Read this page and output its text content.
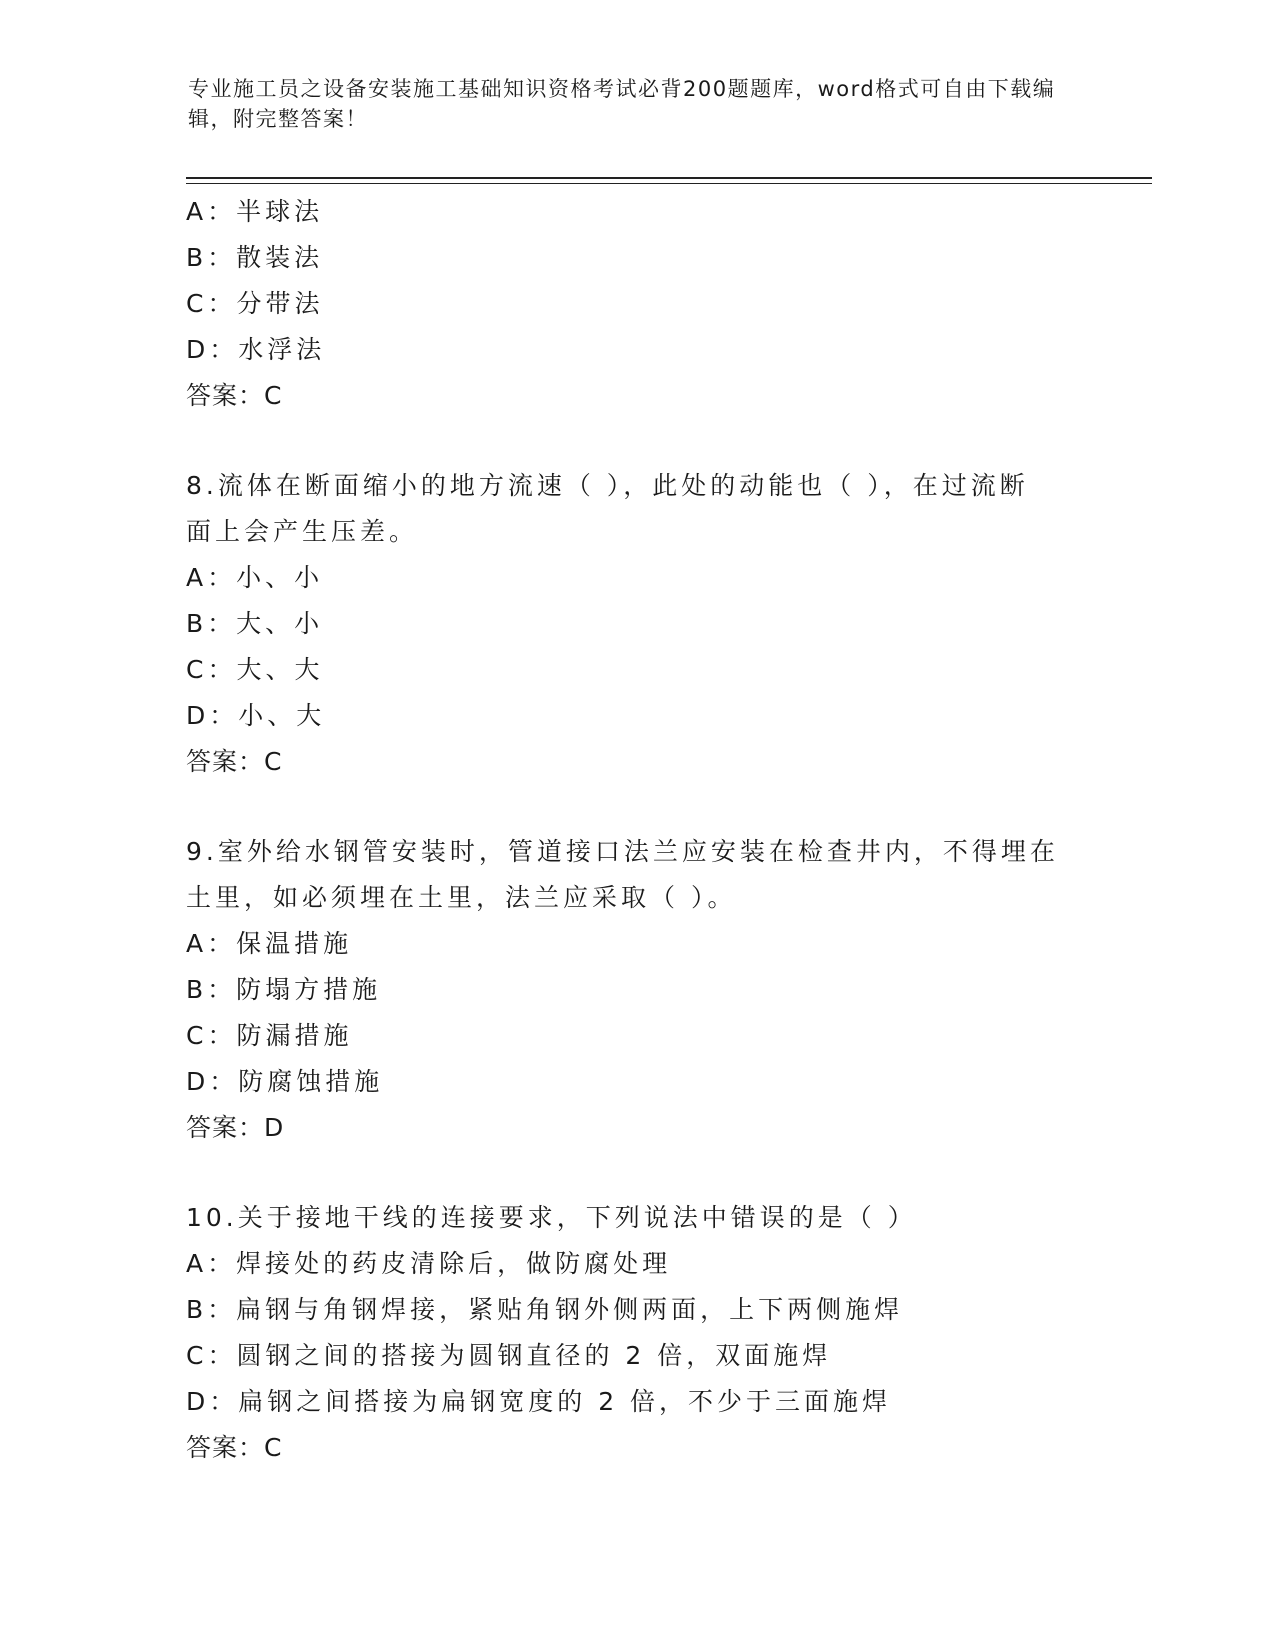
专业施工员之设备安装施工基础知识资格考试必背200题题库，word格式可自由下载编辑，附完整答案！
A：半球法
B：散装法
C：分带法
D：水浮法
答案：C
8.流体在断面缩小的地方流速（ ），此处的动能也（ ），在过流断
面上会产生压差。
A：小、小
B：大、小
C：大、大
D：小、大
答案：C
9.室外给水钢管安装时，管道接口法兰应安装在检查井内，不得埋在
土里，如必须埋在土里，法兰应采取（ ）。
A：保温措施
B：防塌方措施
C：防漏措施
D：防腐蚀措施
答案：D
10.关于接地干线的连接要求，下列说法中错误的是（ ）
A：焊接处的药皮清除后，做防腐处理
B：扁钢与角钢焊接，紧贴角钢外侧两面，上下两侧施焊
C：圆钢之间的搭接为圆钢直径的 2 倍，双面施焊
D：扁钢之间搭接为扁钢宽度的 2 倍，不少于三面施焊
答案：C
